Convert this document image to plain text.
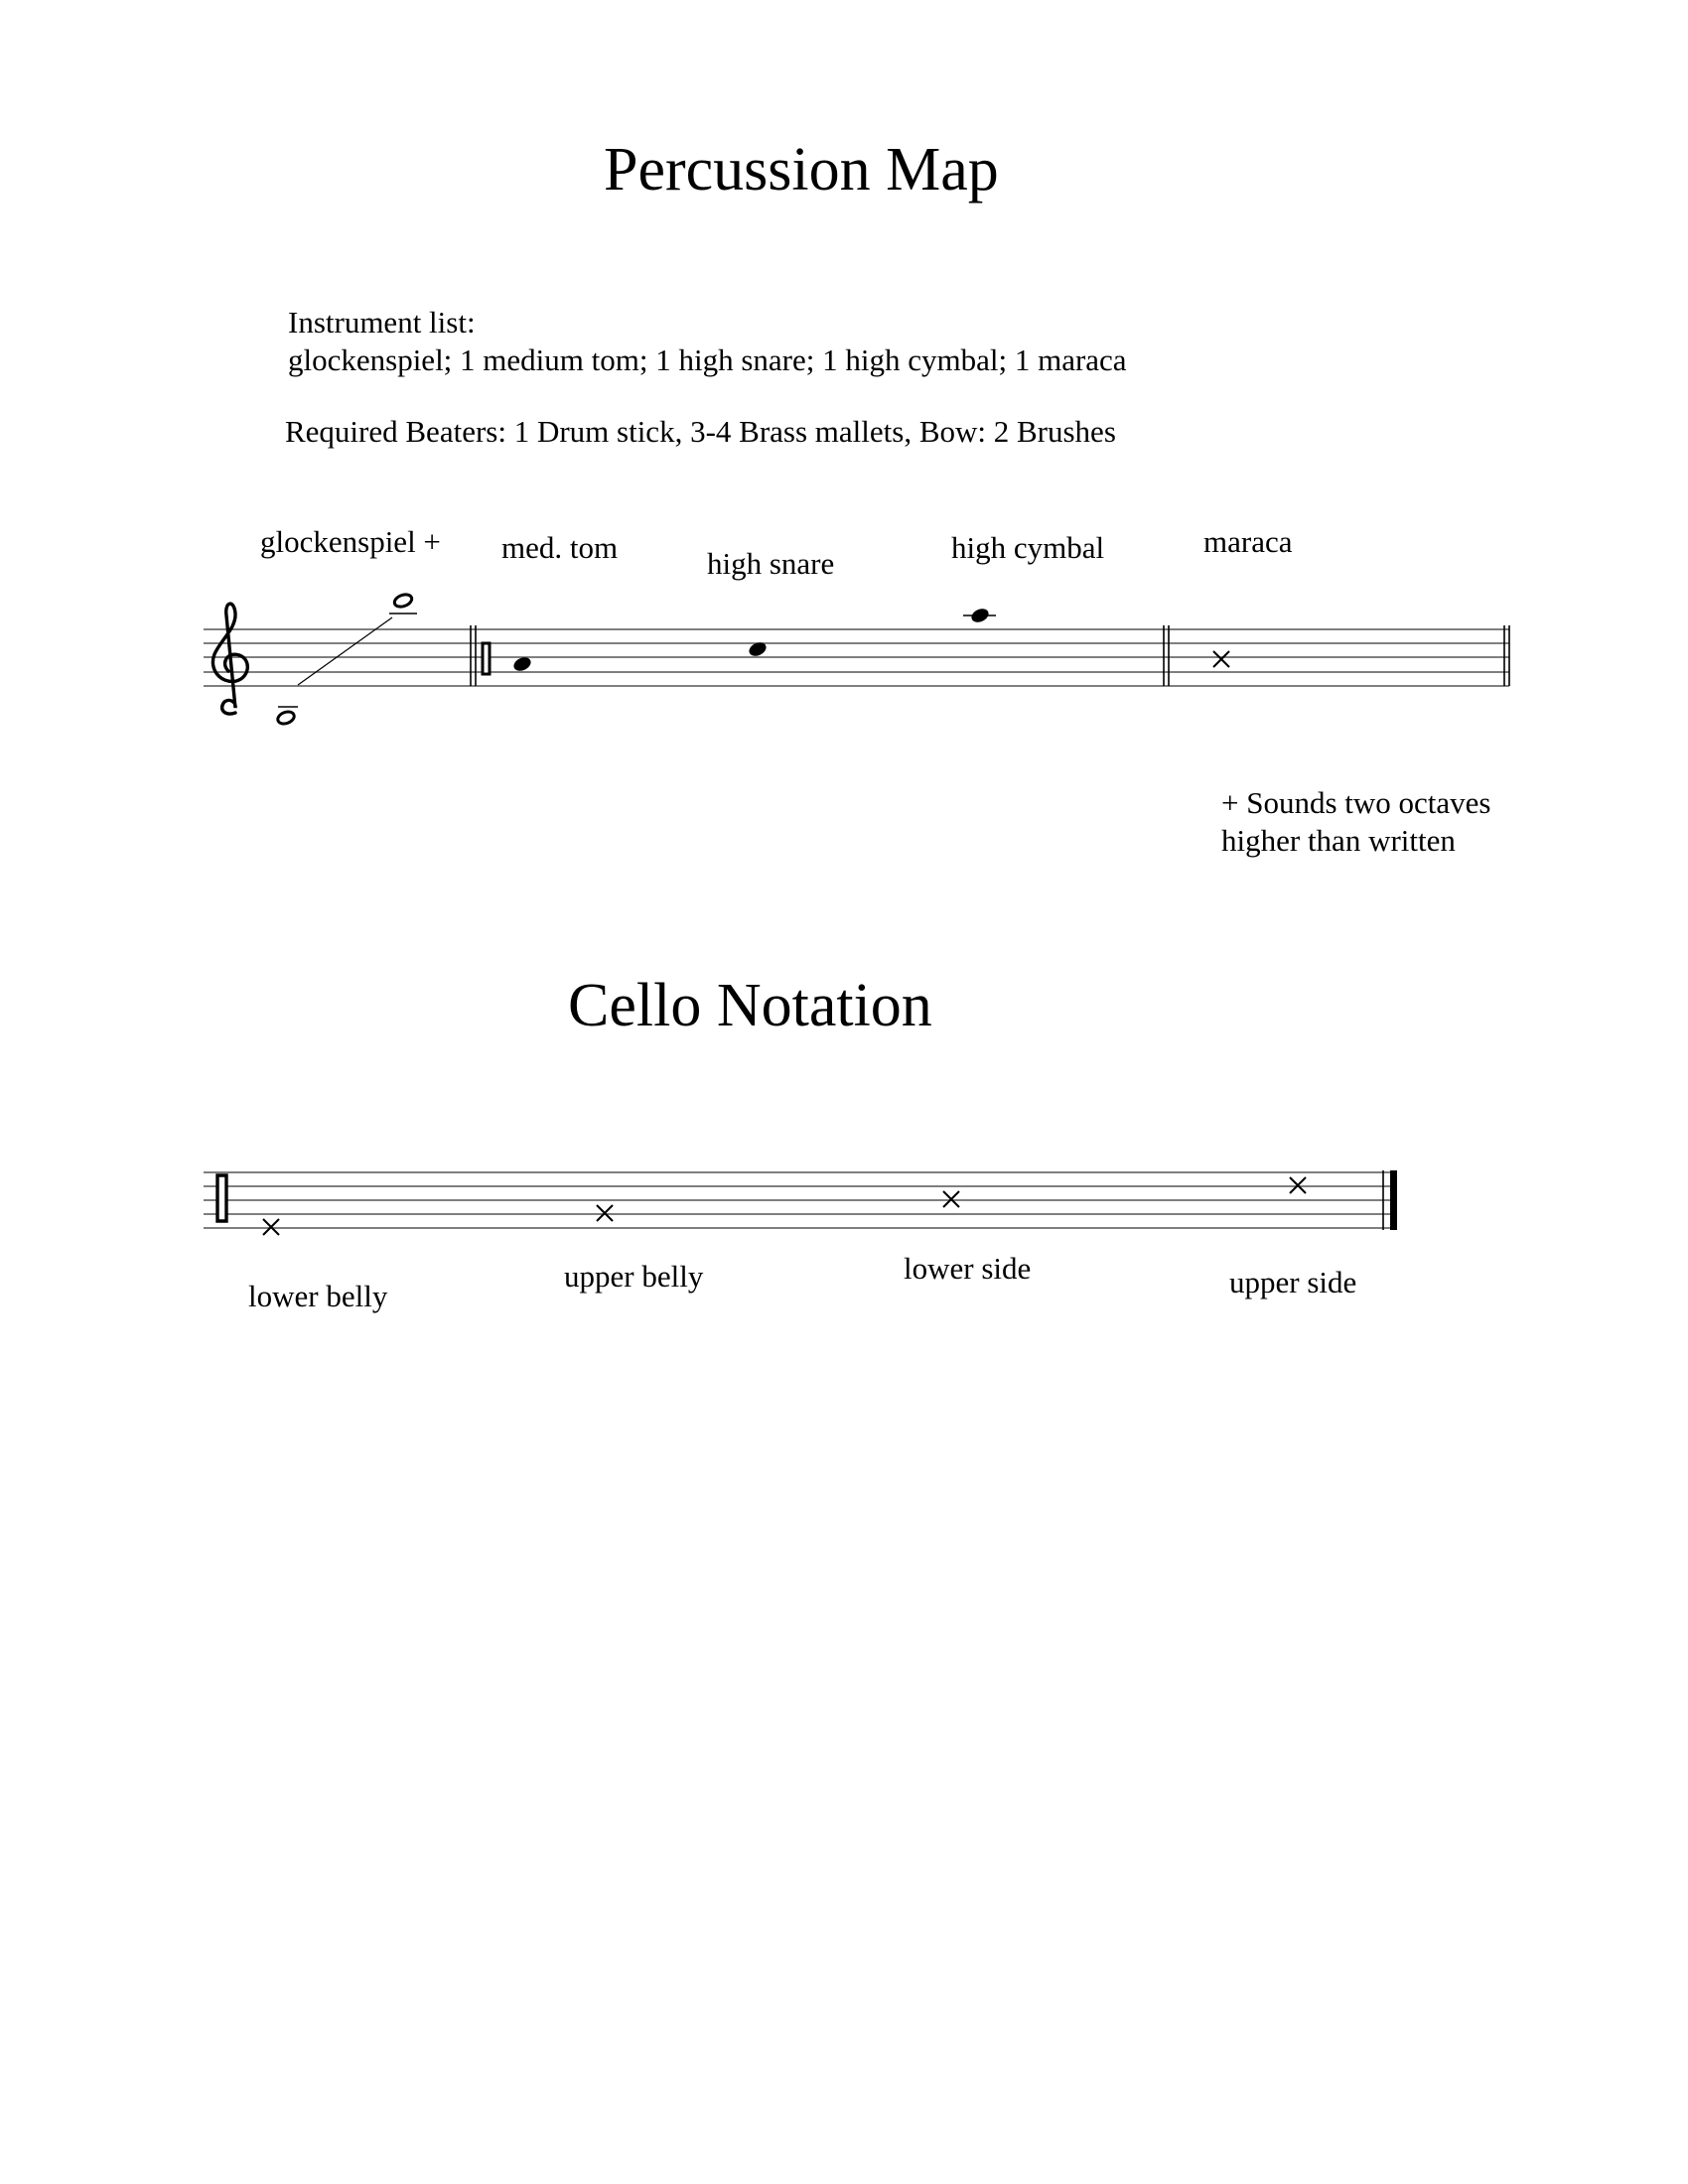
Percussion Map
Instrument list:
glockenspiel; 1 medium tom; 1 high snare; 1 high cymbal; 1 maraca
Required Beaters: 1 Drum stick, 3-4 Brass mallets, Bow: 2 Brushes
glockenspiel + med. tom	high snare	high cymbal	maraca
+ Sounds two octaves
higher than written
Cello Notation
lower belly
upper belly	lower side	upper side
